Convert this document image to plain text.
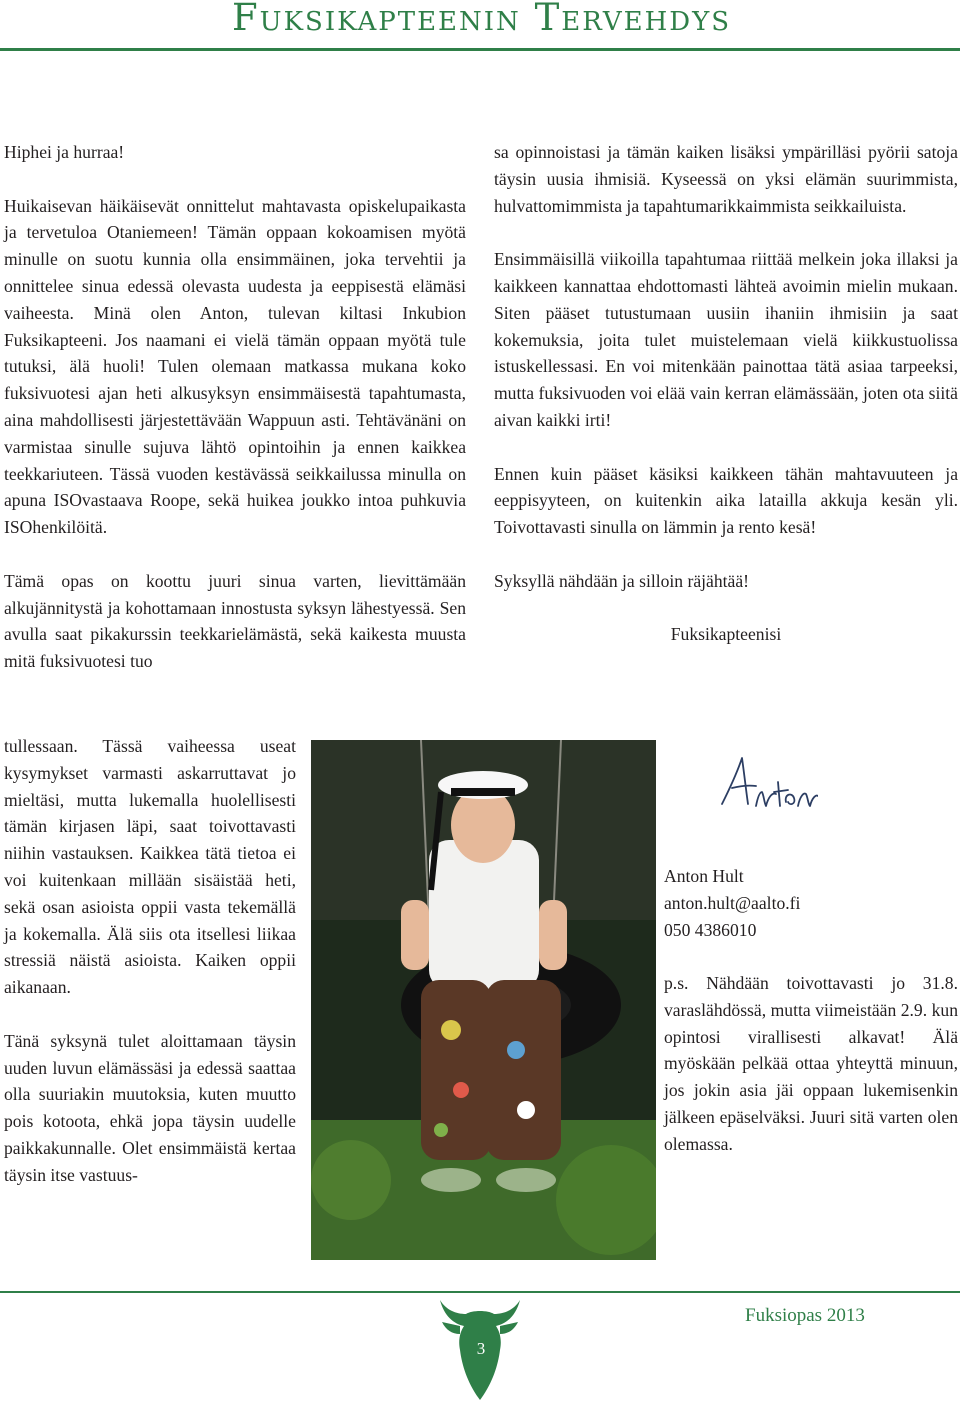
Fuksikapteenin Tervehdys

Hiphei ja hurraa!

Huikaisevan häikäisevät onnittelut mahtavasta opiskelupaikasta ja tervetuloa Otaniemeen! Tämän oppaan kokoamisen myötä minulle on suotu kunnia olla ensimmäinen, joka tervehtii ja onnittelee sinua edessä olevasta uudesta ja eeppisestä elämäsi vaiheesta. Minä olen Anton, tulevan kiltasi Inkubion Fuksikapteeni. Jos naamani ei vielä tämän oppaan myötä tule tutuksi, älä huoli! Tulen olemaan matkassa mukana koko fuksivuotesi ajan heti alkusyksyn ensimmäisestä tapahtumasta, aina mahdollisesti järjestettävään Wappuun asti. Tehtävänäni on varmistaa sinulle sujuva lähtö opintoihin ja ennen kaikkea teekkariuteen. Tässä vuoden kestävässä seikkailussa minulla on apuna ISOvastaava Roope, sekä huikea joukko intoa puhkuvia ISOhenkilöitä.

Tämä opas on koottu juuri sinua varten, lievittämään alkujännitystä ja kohottamaan innostusta syksyn lähestyessä. Sen avulla saat pikakurssin teekkarielämästä, sekä kaikesta muusta mitä fuksivuotesi tuo

tullessaan. Tässä vaiheessa useat kysymykset varmasti askarruttavat jo mieltäsi, mutta lukemalla huolellisesti tämän kirjasen läpi, saat toivottavasti niihin vastauksen. Kaikkea tätä tietoa ei voi kuitenkaan millään sisäistää heti, sekä osan asioista oppii vasta tekemällä ja kokemalla. Älä siis ota itsellesi liikaa stressiä näistä asioista. Kaiken oppii aikanaan.

Tänä syksynä tulet aloittamaan täysin uuden luvun elämässäsi ja edessä saattaa olla suuriakin muutoksia, kuten muutto pois kotoota, ehkä jopa täysin uudelle paikkakunnalle. Olet ensimmäistä kertaa täysin itse vastuus-

sa opinnoistasi ja tämän kaiken lisäksi ympärilläsi pyörii satoja täysin uusia ihmisiä. Kyseessä on yksi elämän suurimmista, hulvattomimmista ja tapahtumarikkaimmista seikkailuista.

Ensimmäisillä viikoilla tapahtumaa riittää melkein joka illaksi ja kaikkeen kannattaa ehdottomasti lähteä avoimin mielin mukaan. Siten pääset tutustumaan uusiin ihaniin ihmisiin ja saat kokemuksia, joita tulet muistelemaan vielä kiikkustuolissa istuskellessasi. En voi mitenkään painottaa tätä asiaa tarpeeksi, mutta fuksivuoden voi elää vain kerran elämässään, joten ota siitä aivan kaikki irti!

Ennen kuin pääset käsiksi kaikkeen tähän mahtavuuteen ja eeppisyyteen, on kuitenkin aika latailla akkuja kesän yli. Toivottavasti sinulla on lämmin ja rento kesä!

Syksyllä nähdään ja silloin räjähtää!

Fuksikapteenisi

Anton Hult
anton.hult@aalto.fi
050 4386010

p.s. Nähdään toivottavasti jo 31.8. varaslähdössä, mutta viimeistään 2.9. kun opintosi virallisesti alkavat! Älä myöskään pelkää ottaa yhteyttä minuun, jos jokin asia jäi oppaan lukemisenkin jälkeen epäselväksi. Juuri sitä varten olen olemassa.

Fuksiopas 2013
3
